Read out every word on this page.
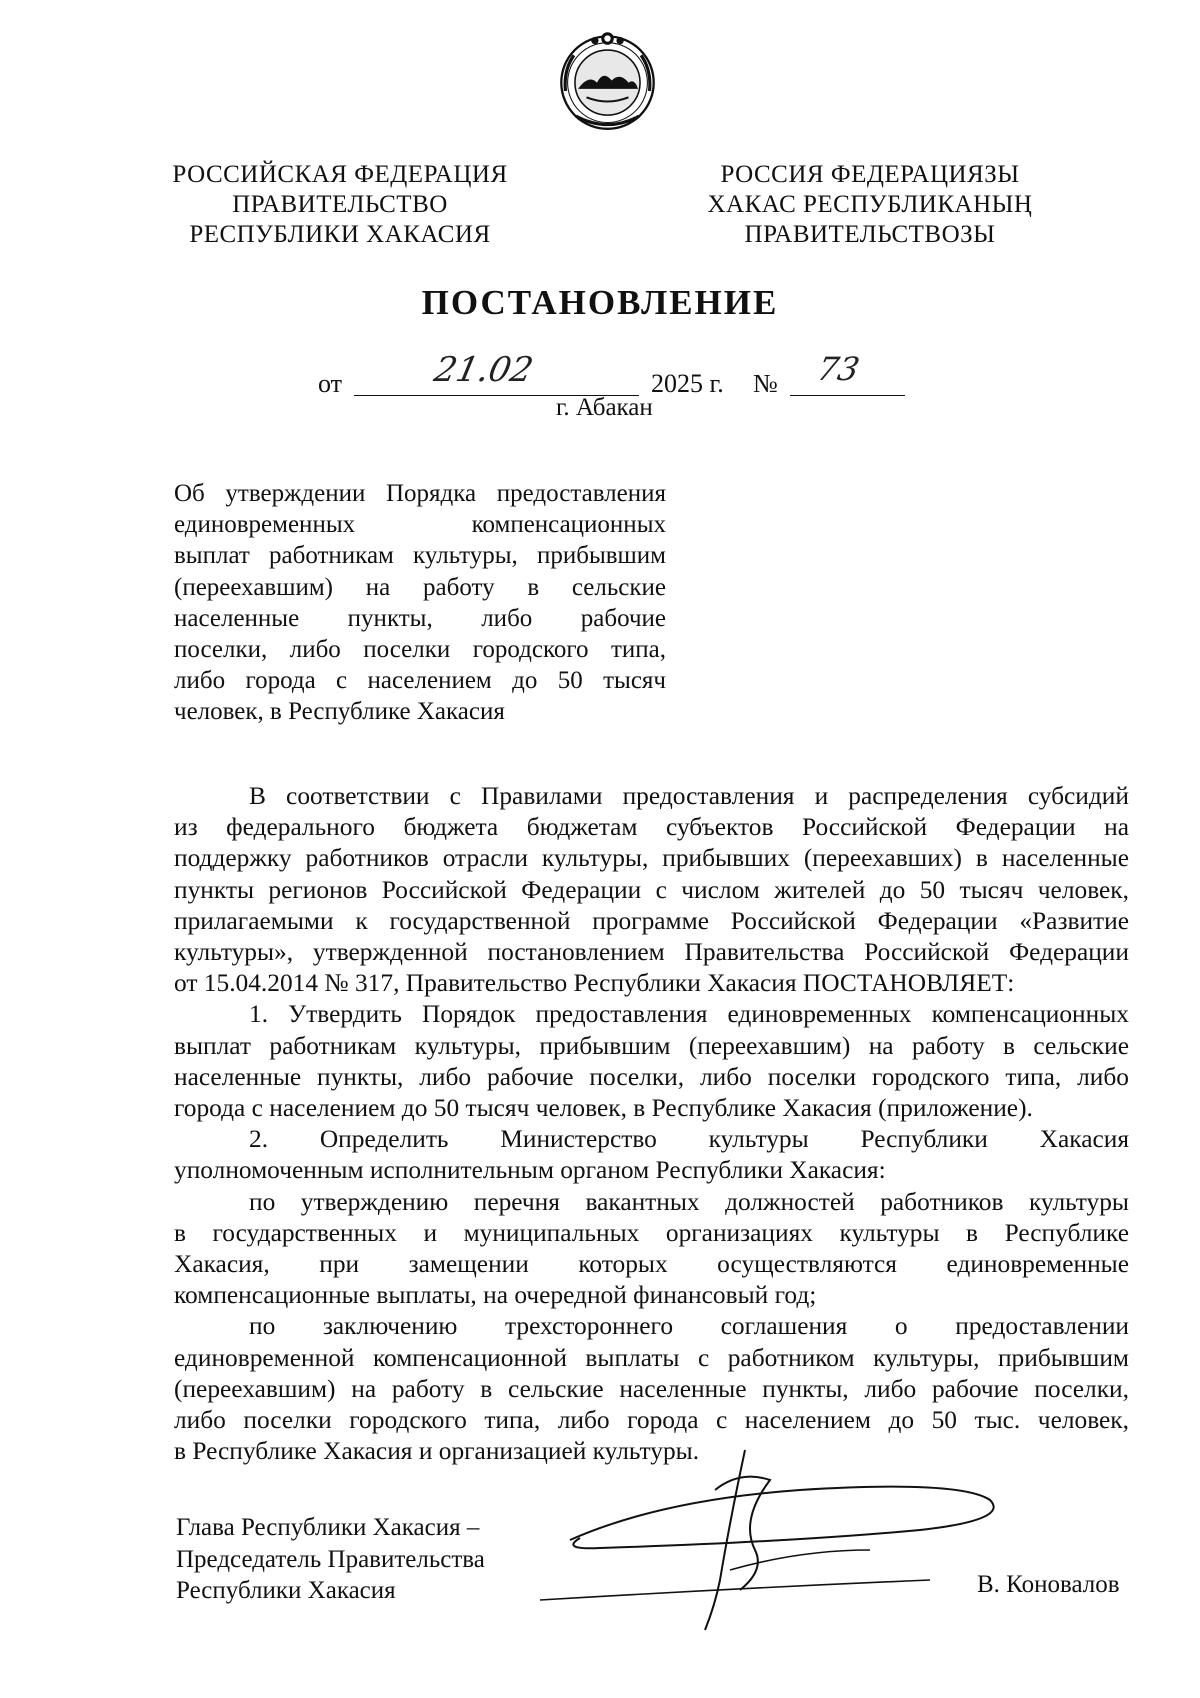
РОССИЙСКАЯ ФЕДЕРАЦИЯ
ПРАВИТЕЛЬСТВО
РЕСПУБЛИКИ ХАКАСИЯ
РОССИЯ ФЕДЕРАЦИЯЗЫ
ХАКАС РЕСПУБЛИКАНЫҢ
ПРАВИТЕЛЬСТВОЗЫ
ПОСТАНОВЛЕНИЕ
от	21.02	2025 г. № 73
г. Абакан
Об утверждении Порядка предоставления
единовременных компенсационных
выплат работникам культуры, прибывшим
(переехавшим) на работу в сельские
населенные пункты, либо рабочие
поселки, либо поселки городского типа,
либо города с населением до 50 тысяч
человек, в Республике Хакасия
В соответствии с Правилами предоставления и распределения субсидий
из федерального бюджета бюджетам субъектов Российской Федерации на
поддержку работников отрасли культуры, прибывших (переехавших) в населенные
пункты регионов Российской Федерации с числом жителей до 50 тысяч человек,
прилагаемыми к государственной программе Российской Федерации «Развитие
культуры», утвержденной постановлением Правительства Российской Федерации
от 15.04.2014 № 317, Правительство Республики Хакасия ПОСТАНОВЛЯЕТ:
1. Утвердить Порядок предоставления единовременных компенсационных
выплат работникам культуры, прибывшим (переехавшим) на работу в сельские
населенные пункты, либо рабочие поселки, либо поселки городского типа, либо
города с населением до 50 тысяч человек, в Республике Хакасия (приложение).
2. Определить Министерство культуры Республики Хакасия
уполномоченным исполнительным органом Республики Хакасия:
по утверждению перечня вакантных должностей работников культуры
в государственных и муниципальных организациях культуры в Республике
Хакасия, при замещении которых осуществляются единовременные
компенсационные выплаты, на очередной финансовый год;
по заключению трехстороннего соглашения о предоставлении
единовременной компенсационной выплаты с работником культуры, прибывшим
(переехавшим) на работу в сельские населенные пункты, либо рабочие поселки,
либо поселки городского типа, либо города с населением до 50 тыс. человек,
в Республике Хакасия и организацией культуры.
Глава Республики Хакасия –
Председатель Правительства
Республики Хакасия	В. Коновалов
